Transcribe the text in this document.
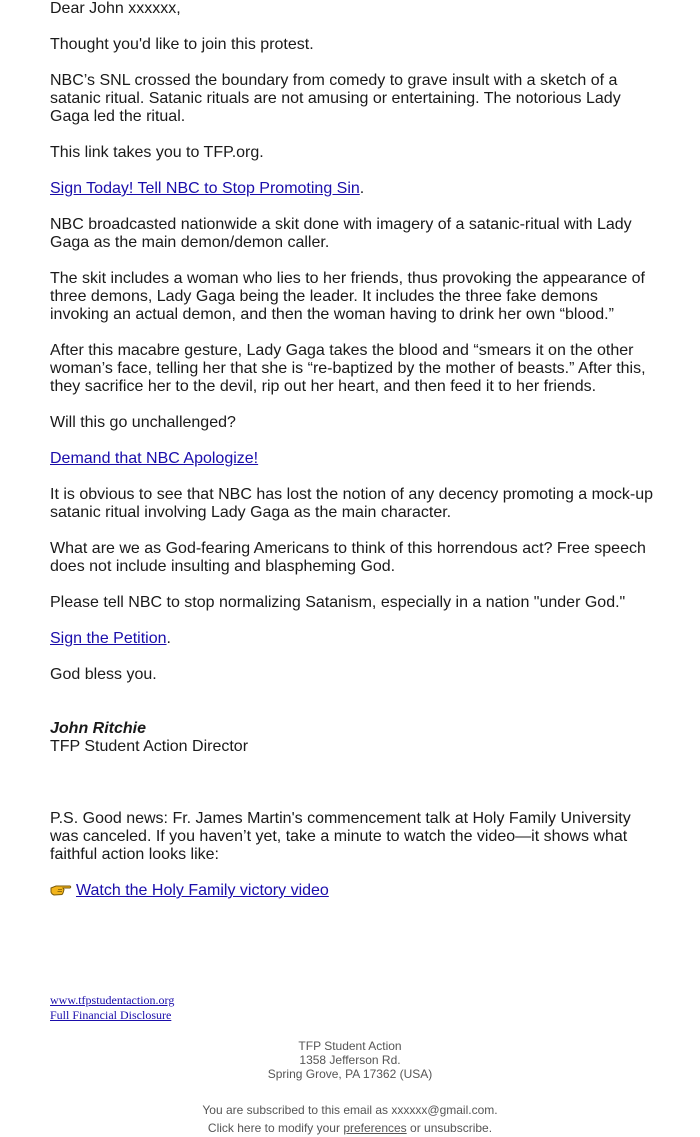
Dear John xxxxxx,

Thought you'd like to join this protest.

NBC’s SNL crossed the boundary from comedy to grave insult with a sketch of a satanic ritual. Satanic rituals are not amusing or entertaining. The notorious Lady Gaga led the ritual.

This link takes you to TFP.org.

Sign Today! Tell NBC to Stop Promoting Sin.

NBC broadcasted nationwide a skit done with imagery of a satanic-ritual with Lady Gaga as the main demon/demon caller.

The skit includes a woman who lies to her friends, thus provoking the appearance of three demons, Lady Gaga being the leader. It includes the three fake demons invoking an actual demon, and then the woman having to drink her own “blood.”

After this macabre gesture, Lady Gaga takes the blood and “smears it on the other woman’s face, telling her that she is “re-baptized by the mother of beasts.” After this, they sacrifice her to the devil, rip out her heart, and then feed it to her friends.

Will this go unchallenged?

Demand that NBC Apologize!

It is obvious to see that NBC has lost the notion of any decency promoting a mock-up satanic ritual involving Lady Gaga as the main character.

What are we as God-fearing Americans to think of this horrendous act? Free speech does not include insulting and blaspheming God.

Please tell NBC to stop normalizing Satanism, especially in a nation "under God."

Sign the Petition.

God bless you.

John Ritchie
TFP Student Action Director

P.S. Good news: Fr. James Martin's commencement talk at Holy Family University was canceled. If you haven’t yet, take a minute to watch the video—it shows what faithful action looks like:

Watch the Holy Family victory video

www.tfpstudentaction.org
Full Financial Disclosure
TFP Student Action
1358 Jefferson Rd.
Spring Grove, PA 17362 (USA)
You are subscribed to this email as xxxxxx@gmail.com.
Click here to modify your preferences or unsubscribe.
